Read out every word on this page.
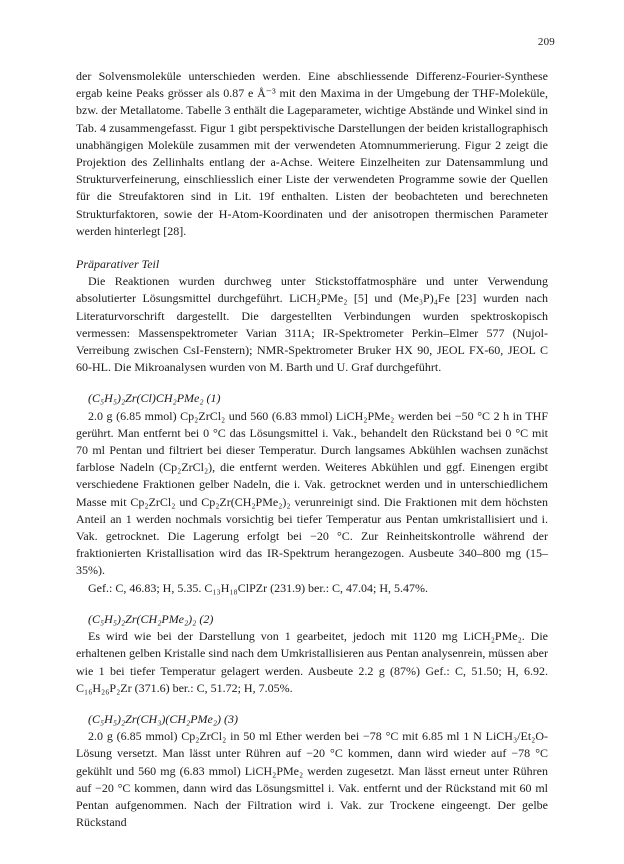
209

der Solvensmoleküle unterschieden werden. Eine abschliessende Differenz-Fourier-Synthese ergab keine Peaks grösser als 0.87 e Å⁻³ mit den Maxima in der Umgebung der THF-Moleküle, bzw. der Metallatome. Tabelle 3 enthält die Lageparameter, wichtige Abstände und Winkel sind in Tab. 4 zusammengefasst. Figur 1 gibt perspektivische Darstellungen der beiden kristallographisch unabhängigen Moleküle zusammen mit der verwendeten Atomnummerierung. Figur 2 zeigt die Projektion des Zellinhalts entlang der a-Achse. Weitere Einzelheiten zur Datensammlung und Strukturverfeinerung, einschliesslich einer Liste der verwendeten Programme sowie der Quellen für die Streufaktoren sind in Lit. 19f enthalten. Listen der beobachteten und berechneten Strukturfaktoren, sowie der H-Atom-Koordinaten und der anisotropen thermischen Parameter werden hinterlegt [28].

Präparativer Teil

Die Reaktionen wurden durchweg unter Stickstoffatmosphäre und unter Verwendung absolutierter Lösungsmittel durchgeführt. LiCH₂PMe₂ [5] und (Me₃P)₄Fe [23] wurden nach Literaturvorschrift dargestellt. Die dargestellten Verbindungen wurden spektroskopisch vermessen: Massenspektrometer Varian 311A; IR-Spektrometer Perkin–Elmer 577 (Nujol-Verreibung zwischen CsI-Fenstern); NMR-Spektrometer Bruker HX 90, JEOL FX-60, JEOL C 60-HL. Die Mikroanalysen wurden von M. Barth und U. Graf durchgeführt.

(C₅H₅)₂Zr(Cl)CH₂PMe₂ (1)

2.0 g (6.85 mmol) Cp₂ZrCl₂ und 560 (6.83 mmol) LiCH₂PMe₂ werden bei −50 °C 2 h in THF gerührt. Man entfernt bei 0 °C das Lösungsmittel i. Vak., behandelt den Rückstand bei 0 °C mit 70 ml Pentan und filtriert bei dieser Temperatur. Durch langsames Abkühlen wachsen zunächst farblose Nadeln (Cp₂ZrCl₂), die entfernt werden. Weiteres Abkühlen und ggf. Einengen ergibt verschiedene Fraktionen gelber Nadeln, die i. Vak. getrocknet werden und in unterschiedlichem Masse mit Cp₂ZrCl₂ und Cp₂Zr(CH₂PMe₂)₂ verunreinigt sind. Die Fraktionen mit dem höchsten Anteil an 1 werden nochmals vorsichtig bei tiefer Temperatur aus Pentan umkristallisiert und i. Vak. getrocknet. Die Lagerung erfolgt bei −20 °C. Zur Reinheitskontrolle während der fraktionierten Kristallisation wird das IR-Spektrum herangezogen. Ausbeute 340–800 mg (15–35%).

Gef.: C, 46.83; H, 5.35. C₁₃H₁₈ClPZr (231.9) ber.: C, 47.04; H, 5.47%.

(C₅H₅)₂Zr(CH₂PMe₂)₂ (2)

Es wird wie bei der Darstellung von 1 gearbeitet, jedoch mit 1120 mg LiCH₂PMe₂. Die erhaltenen gelben Kristalle sind nach dem Umkristallisieren aus Pentan analysenrein, müssen aber wie 1 bei tiefer Temperatur gelagert werden. Ausbeute 2.2 g (87%) Gef.: C, 51.50; H, 6.92. C₁₆H₂₆P₂Zr (371.6) ber.: C, 51.72; H, 7.05%.

(C₅H₅)₂Zr(CH₃)(CH₂PMe₂) (3)

2.0 g (6.85 mmol) Cp₂ZrCl₂ in 50 ml Ether werden bei −78 °C mit 6.85 ml 1 N LiCH₃/Et₂O-Lösung versetzt. Man lässt unter Rühren auf −20 °C kommen, dann wird wieder auf −78 °C gekühlt und 560 mg (6.83 mmol) LiCH₂PMe₂ werden zugesetzt. Man lässt erneut unter Rühren auf −20 °C kommen, dann wird das Lösungsmittel i. Vak. entfernt und der Rückstand mit 60 ml Pentan aufgenommen. Nach der Filtration wird i. Vak. zur Trockene eingeengt. Der gelbe Rückstand
